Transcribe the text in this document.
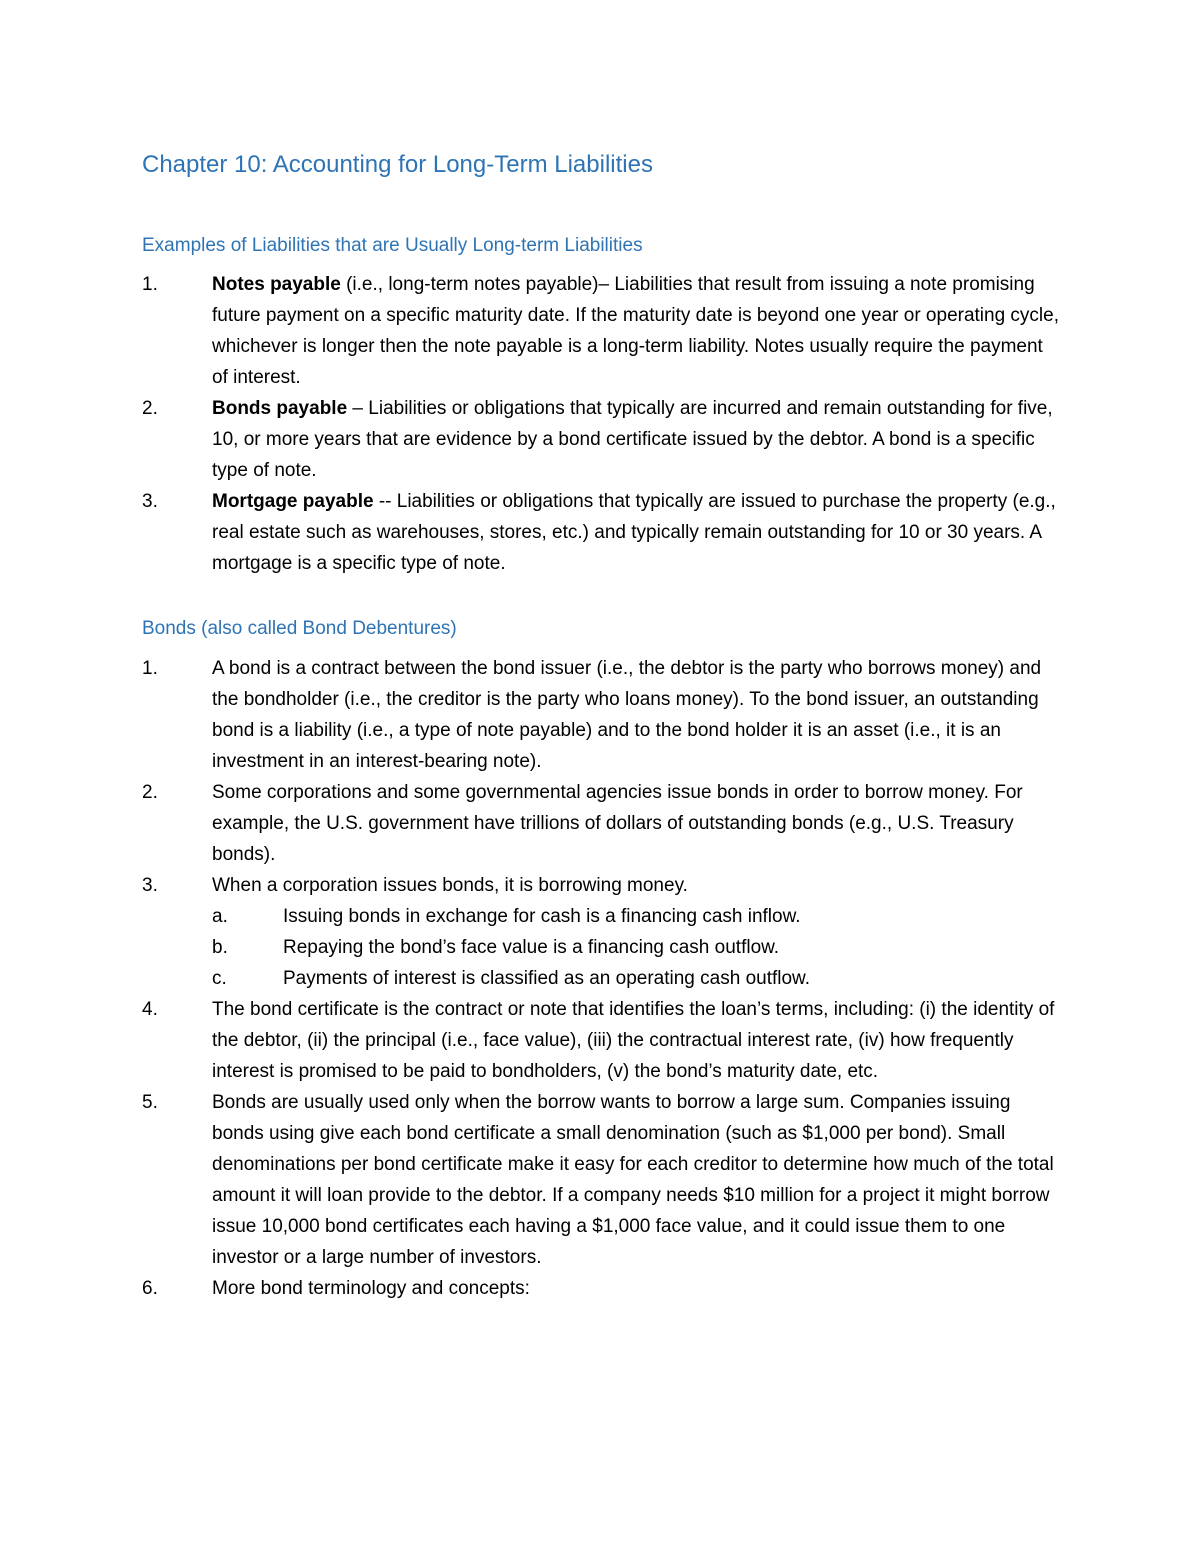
Chapter 10: Accounting for Long-Term Liabilities
Examples of Liabilities that are Usually Long-term Liabilities
1.	Notes payable (i.e., long-term notes payable)– Liabilities that result from issuing a note promising future payment on a specific maturity date. If the maturity date is beyond one year or operating cycle, whichever is longer then the note payable is a long-term liability. Notes usually require the payment of interest.
2.	Bonds payable – Liabilities or obligations that typically are incurred and remain outstanding for five, 10, or more years that are evidence by a bond certificate issued by the debtor. A bond is a specific type of note.
3.	Mortgage payable -- Liabilities or obligations that typically are issued to purchase the property (e.g., real estate such as warehouses, stores, etc.) and typically remain outstanding for 10 or 30 years. A mortgage is a specific type of note.
Bonds (also called Bond Debentures)
1.	A bond is a contract between the bond issuer (i.e., the debtor is the party who borrows money) and the bondholder (i.e., the creditor is the party who loans money). To the bond issuer, an outstanding bond is a liability (i.e., a type of note payable) and to the bond holder it is an asset (i.e., it is an investment in an interest-bearing note).
2.	Some corporations and some governmental agencies issue bonds in order to borrow money. For example, the U.S. government have trillions of dollars of outstanding bonds (e.g., U.S. Treasury bonds).
3.	When a corporation issues bonds, it is borrowing money.
a.	Issuing bonds in exchange for cash is a financing cash inflow.
b.	Repaying the bond’s face value is a financing cash outflow.
c.	Payments of interest is classified as an operating cash outflow.
4.	The bond certificate is the contract or note that identifies the loan’s terms, including: (i) the identity of the debtor, (ii) the principal (i.e., face value), (iii) the contractual interest rate, (iv) how frequently interest is promised to be paid to bondholders, (v) the bond’s maturity date, etc.
5.	Bonds are usually used only when the borrow wants to borrow a large sum. Companies issuing bonds using give each bond certificate a small denomination (such as $1,000 per bond). Small denominations per bond certificate make it easy for each creditor to determine how much of the total amount it will loan provide to the debtor. If a company needs $10 million for a project it might borrow issue 10,000 bond certificates each having a $1,000 face value, and it could issue them to one investor or a large number of investors.
6.	More bond terminology and concepts:
